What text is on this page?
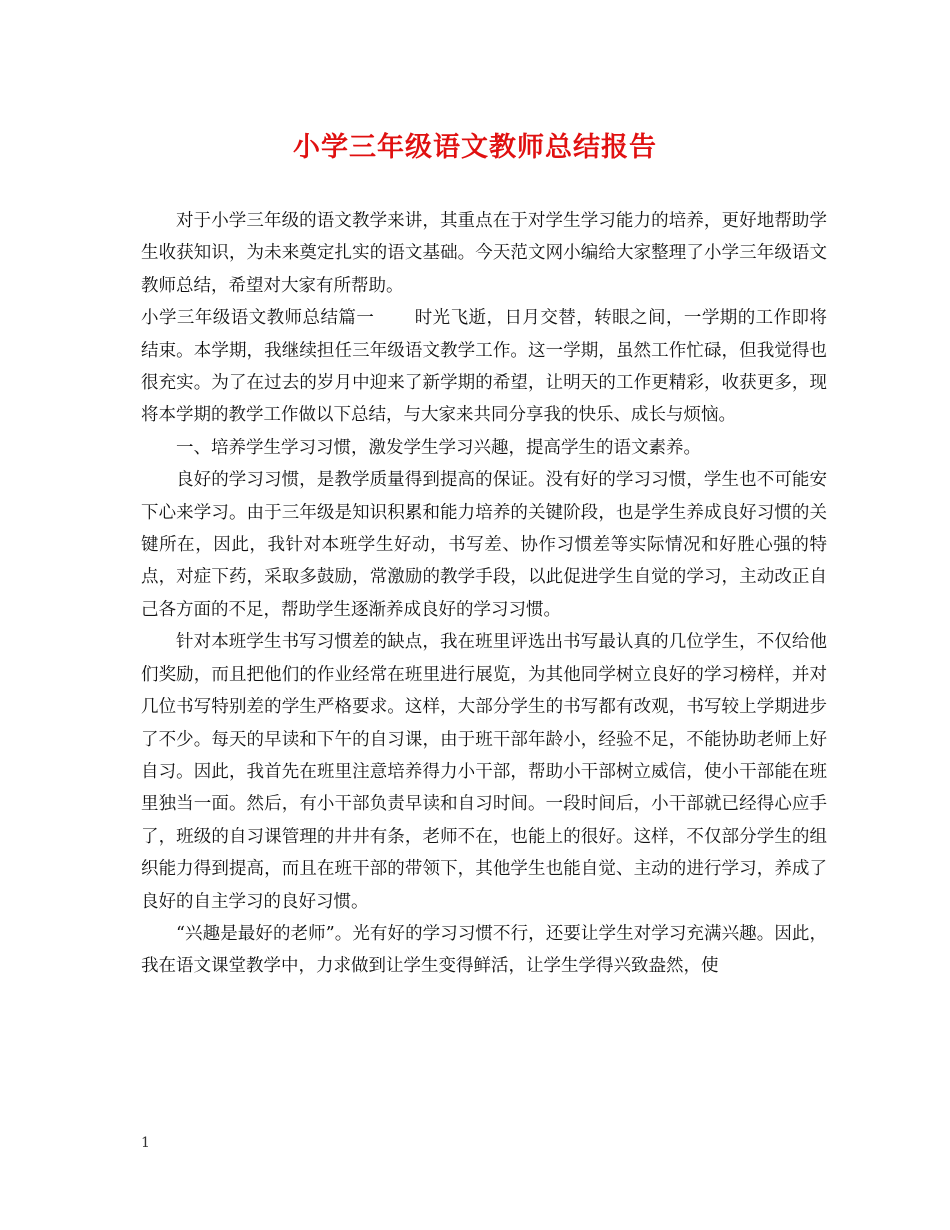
小学三年级语文教师总结报告

对于小学三年级的语文教学来讲，其重点在于对学生学习能力的培养，更好地帮助学生收获知识，为未来奠定扎实的语文基础。今天范文网小编给大家整理了小学三年级语文教师总结，希望对大家有所帮助。

小学三年级语文教师总结篇一 时光飞逝，日月交替，转眼之间，一学期的工作即将结束。本学期，我继续担任三年级语文教学工作。这一学期，虽然工作忙碌，但我觉得也很充实。为了在过去的岁月中迎来了新学期的希望，让明天的工作更精彩，收获更多，现将本学期的教学工作做以下总结，与大家来共同分享我的快乐、成长与烦恼。

一、培养学生学习习惯，激发学生学习兴趣，提高学生的语文素养。

良好的学习习惯，是教学质量得到提高的保证。没有好的学习习惯，学生也不可能安下心来学习。由于三年级是知识积累和能力培养的关键阶段，也是学生养成良好习惯的关键所在，因此，我针对本班学生好动，书写差、协作习惯差等实际情况和好胜心强的特点，对症下药，采取多鼓励，常激励的教学手段，以此促进学生自觉的学习，主动改正自己各方面的不足，帮助学生逐渐养成良好的学习习惯。

针对本班学生书写习惯差的缺点，我在班里评选出书写最认真的几位学生，不仅给他们奖励，而且把他们的作业经常在班里进行展览，为其他同学树立良好的学习榜样，并对几位书写特别差的学生严格要求。这样，大部分学生的书写都有改观，书写较上学期进步了不少。每天的早读和下午的自习课，由于班干部年龄小，经验不足，不能协助老师上好自习。因此，我首先在班里注意培养得力小干部，帮助小干部树立威信，使小干部能在班里独当一面。然后，有小干部负责早读和自习时间。一段时间后，小干部就已经得心应手了，班级的自习课管理的井井有条，老师不在，也能上的很好。这样，不仅部分学生的组织能力得到提高，而且在班干部的带领下，其他学生也能自觉、主动的进行学习，养成了良好的自主学习的良好习惯。

“兴趣是最好的老师”。光有好的学习习惯不行，还要让学生对学习充满兴趣。因此，我在语文课堂教学中，力求做到让学生变得鲜活，让学生学得兴致盎然，使

1
